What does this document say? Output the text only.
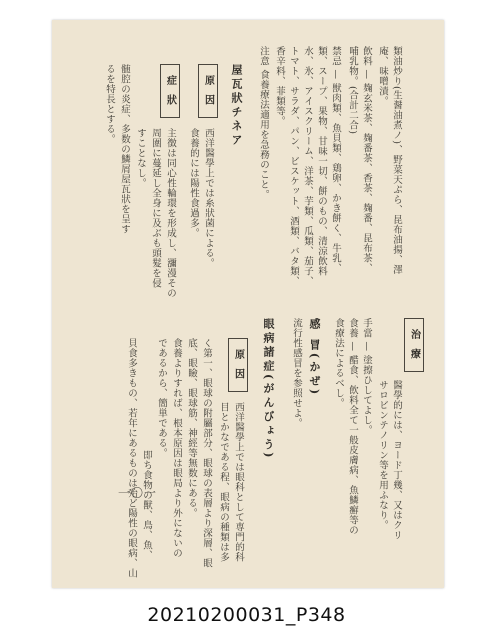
類油炒り(生醤油煮ノ)、野菜天ぷら、昆布油揚、澤
庵、味噌漬。
飲料 — 麹玄米茶、麹番茶、香茶、麹番、昆布茶、
哺乳物。(合計二合)
禁忌 — 獣肉類、魚貝類、鶏卵、かき餅く、牛乳、
類、スープ、果物、甘味一切、餅のもの、清涼飲料
水、氷、アイスクリーム、洋茶、芋類、瓜類、茄子、
トマト、サラダ、パン、ビスケット、酒類、バタ類、
香辛料、菲類等。
注意 食養療法適用を急務のこと。
屋瓦狀チネア
原 因
西洋醫學上では糸狀菌による。
食養的には陽性食過多。
症 狀
主徴は同心性輪環を形成し、瀰漫その
周圍に蔓延し全身に及ぶも頭髮を侵
すことなし。
髄腔の炎症、多数の鱗屑屋瓦狀を呈す
るを特長とする。
治 療
醫學的には、ヨード丁幾、又はクリ
サロビンテノリン等を用ふなり。
手當 — 塗擦ひしてよし。
食養 — 醋食、飲料全て一般皮膚病、魚鱗癬等の
食療法によるべし。
感 冒(かぜ)
流行性感冒を参照せよ。
眼病諸症(がんびょう)
原 因
西洋醫學上では眼科として専門的科
目とかなである程、眼病の種類は多
く第一、眼球の附屬部分、眼球の表層より深層、眼
底、眼瞼、眼球筋、神經等無数にある。
食養よりすれば、根本原因は眼局より外にないの
であるから、簡単である。
即ち食物の獸、鳥、魚、
貝食多きもの、若年にあるものは殆ど陽性の眼病、山
一〇一
20210200031_P348
